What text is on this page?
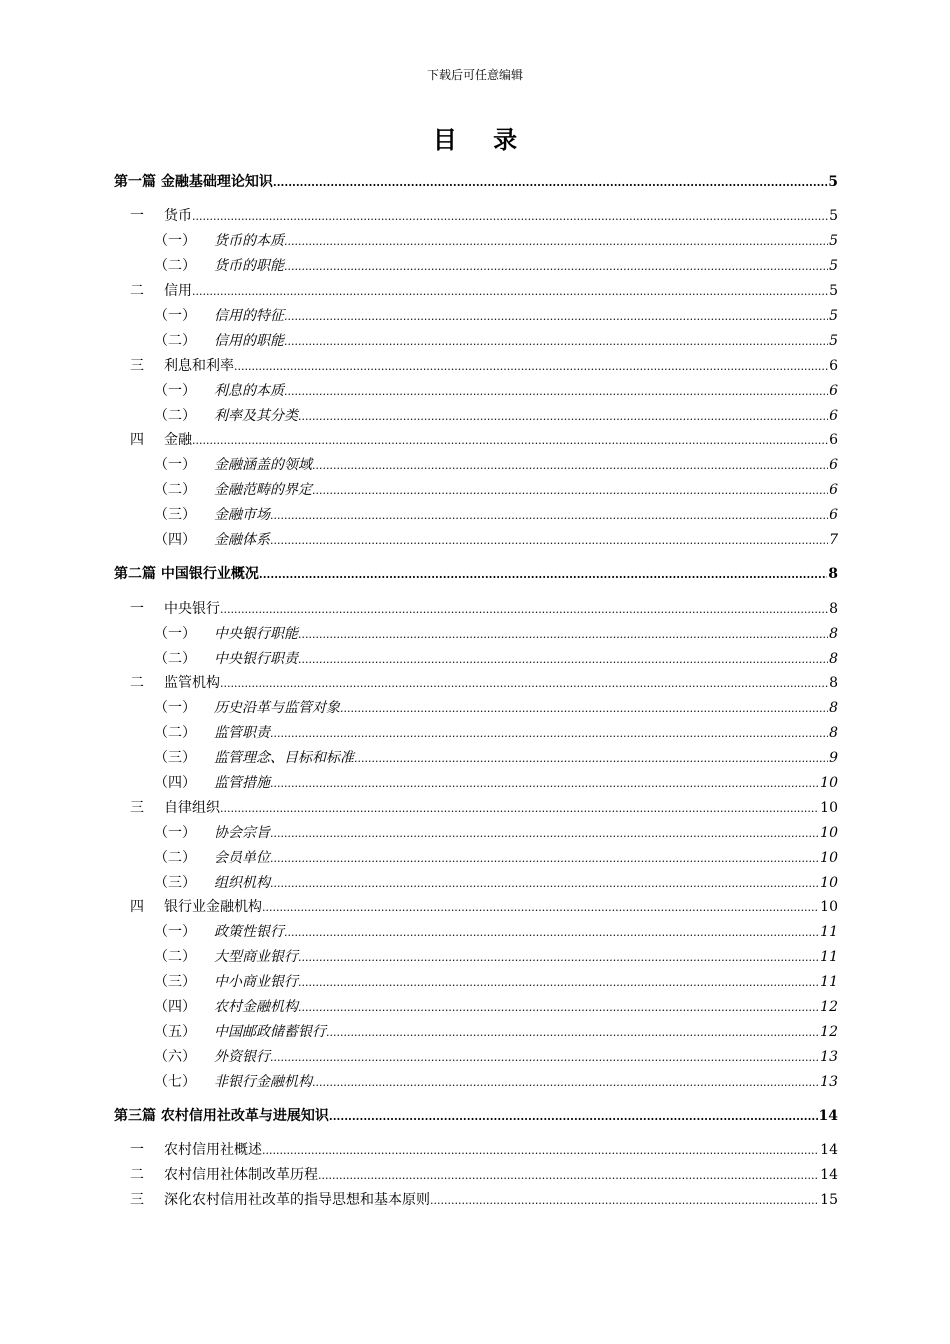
下载后可任意编辑
目 录
第一篇 金融基础理论知识 .....	5
一 货币 .....	5
（一） 货币的本质 .....	5
（二） 货币的职能 .....	5
二 信用 .....	5
（一） 信用的特征 .....	5
（二） 信用的职能 .....	5
三 利息和利率 .....	6
（一） 利息的本质 .....	6
（二） 利率及其分类 .....	6
四 金融 .....	6
（一） 金融涵盖的领域 .....	6
（二） 金融范畴的界定 .....	6
（三） 金融市场 .....	6
（四） 金融体系 .....	7
第二篇 中国银行业概况 .....	8
一 中央银行 .....	8
（一） 中央银行职能 .....	8
（二） 中央银行职责 .....	8
二 监管机构 .....	8
（一） 历史沿革与监管对象 .....	8
（二） 监管职责 .....	8
（三） 监管理念、目标和标准 .....	9
（四） 监管措施 .....	10
三 自律组织 .....	10
（一） 协会宗旨 .....	10
（二） 会员单位 .....	10
（三） 组织机构 .....	10
四 银行业金融机构 .....	10
（一） 政策性银行 .....	11
（二） 大型商业银行 .....	11
（三） 中小商业银行 .....	11
（四） 农村金融机构 .....	12
（五） 中国邮政储蓄银行 .....	12
（六） 外资银行 .....	13
（七） 非银行金融机构 .....	13
第三篇 农村信用社改革与进展知识 .....	14
一 农村信用社概述 .....	14
二 农村信用社体制改革历程 .....	14
三 深化农村信用社改革的指导思想和基本原则 .....	15
